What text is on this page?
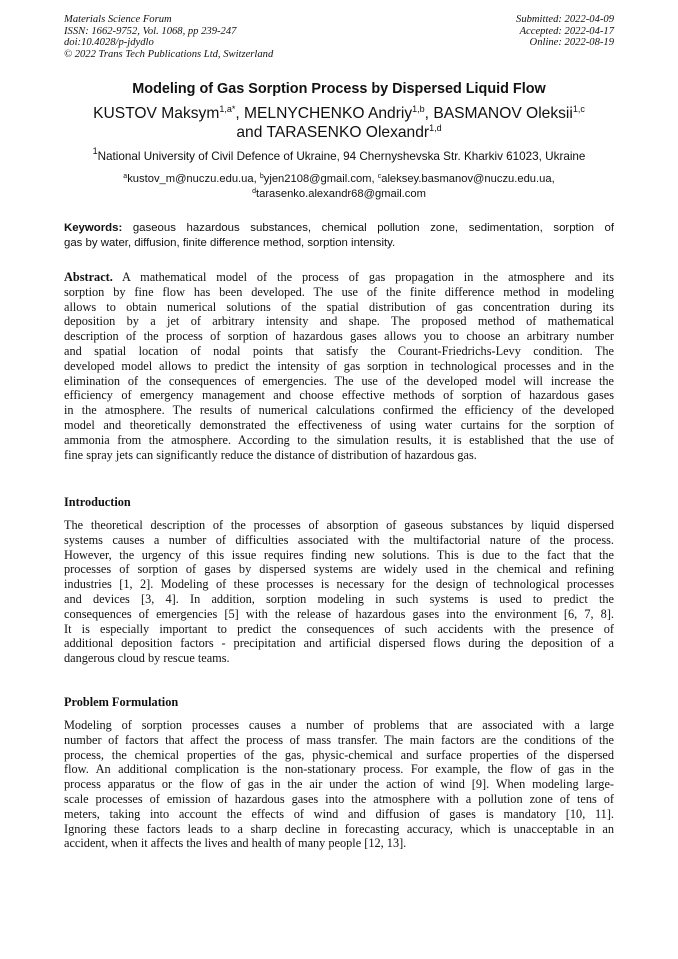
Materials Science Forum
ISSN: 1662-9752, Vol. 1068, pp 239-247
doi:10.4028/p-jdydlo
© 2022 Trans Tech Publications Ltd, Switzerland
Submitted: 2022-04-09
Accepted: 2022-04-17
Online: 2022-08-19
Modeling of Gas Sorption Process by Dispersed Liquid Flow
KUSTOV Maksym$^{1,a*}$, MELNYCHENKO Andriy$^{1,b}$, BASMANOV Oleksii$^{1,c}$
and TARASENKO Olexandr$^{1,d}$
$^1$National University of Civil Defence of Ukraine, 94 Chernyshevska Str. Kharkiv 61023, Ukraine
$^a$kustov_m@nuczu.edu.ua, $^b$yjen2108@gmail.com, $^c$aleksey.basmanov@nuczu.edu.ua,
$^d$tarasenko.alexandr68@gmail.com
Keywords: gaseous hazardous substances, chemical pollution zone, sedimentation, sorption of
gas by water, diffusion, finite difference method, sorption intensity.
Abstract. A mathematical model of the process of gas propagation in the atmosphere and its
sorption by fine flow has been developed. The use of the finite difference method in modeling
allows to obtain numerical solutions of the spatial distribution of gas concentration during its
deposition by a jet of arbitrary intensity and shape. The proposed method of mathematical
description of the process of sorption of hazardous gases allows you to choose an arbitrary number
and spatial location of nodal points that satisfy the Courant-Friedrichs-Levy condition. The
developed model allows to predict the intensity of gas sorption in technological processes and in the
elimination of the consequences of emergencies. The use of the developed model will increase the
efficiency of emergency management and choose effective methods of sorption of hazardous gases
in the atmosphere. The results of numerical calculations confirmed the efficiency of the developed
model and theoretically demonstrated the effectiveness of using water curtains for the sorption of
ammonia from the atmosphere. According to the simulation results, it is established that the use of
fine spray jets can significantly reduce the distance of distribution of hazardous gas.
Introduction
The theoretical description of the processes of absorption of gaseous substances by liquid dispersed
systems causes a number of difficulties associated with the multifactorial nature of the process.
However, the urgency of this issue requires finding new solutions. This is due to the fact that the
processes of sorption of gases by dispersed systems are widely used in the chemical and refining
industries [1, 2]. Modeling of these processes is necessary for the design of technological processes
and devices [3, 4]. In addition, sorption modeling in such systems is used to predict the
consequences of emergencies [5] with the release of hazardous gases into the environment [6, 7, 8].
It is especially important to predict the consequences of such accidents with the presence of
additional deposition factors - precipitation and artificial dispersed flows during the deposition of a
dangerous cloud by rescue teams.
Problem Formulation
Modeling of sorption processes causes a number of problems that are associated with a large
number of factors that affect the process of mass transfer. The main factors are the conditions of the
process, the chemical properties of the gas, physic-chemical and surface properties of the dispersed
flow. An additional complication is the non-stationary process. For example, the flow of gas in the
process apparatus or the flow of gas in the air under the action of wind [9]. When modeling large-
scale processes of emission of hazardous gases into the atmosphere with a pollution zone of tens of
meters, taking into account the effects of wind and diffusion of gases is mandatory [10, 11].
Ignoring these factors leads to a sharp decline in forecasting accuracy, which is unacceptable in an
accident, when it affects the lives and health of many people [12, 13].
